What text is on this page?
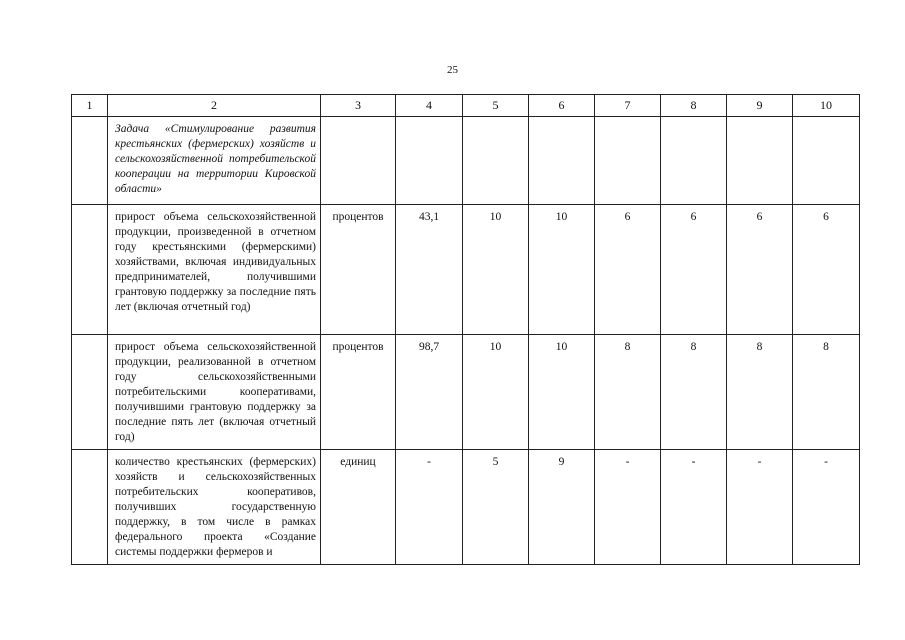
25
1	2	3	4	5	6	7	8	9	10
	Задача «Стимулирование развития крестьянских (фермерских) хозяйств и сельскохозяйственной потребительской кооперации на территории Кировской области»								
	прирост объема сельскохозяйственной продукции, произведенной в отчетном году крестьянскими (фермерскими) хозяйствами, включая индивидуальных предпринимателей, получившими грантовую поддержку за последние пять лет (включая отчетный год)	процентов	43,1	10	10	6	6	6	6
	прирост объема сельскохозяйственной продукции, реализованной в отчетном году сельскохозяйственными потребительскими кооперативами, получившими грантовую поддержку за последние пять лет (включая отчетный год)	процентов	98,7	10	10	8	8	8	8
	количество крестьянских (фермерских) хозяйств и сельскохозяйственных потребительских кооперативов, получивших государственную поддержку, в том числе в рамках федерального проекта «Создание системы поддержки фермеров и	единиц	-	5	9	-	-	-	-
